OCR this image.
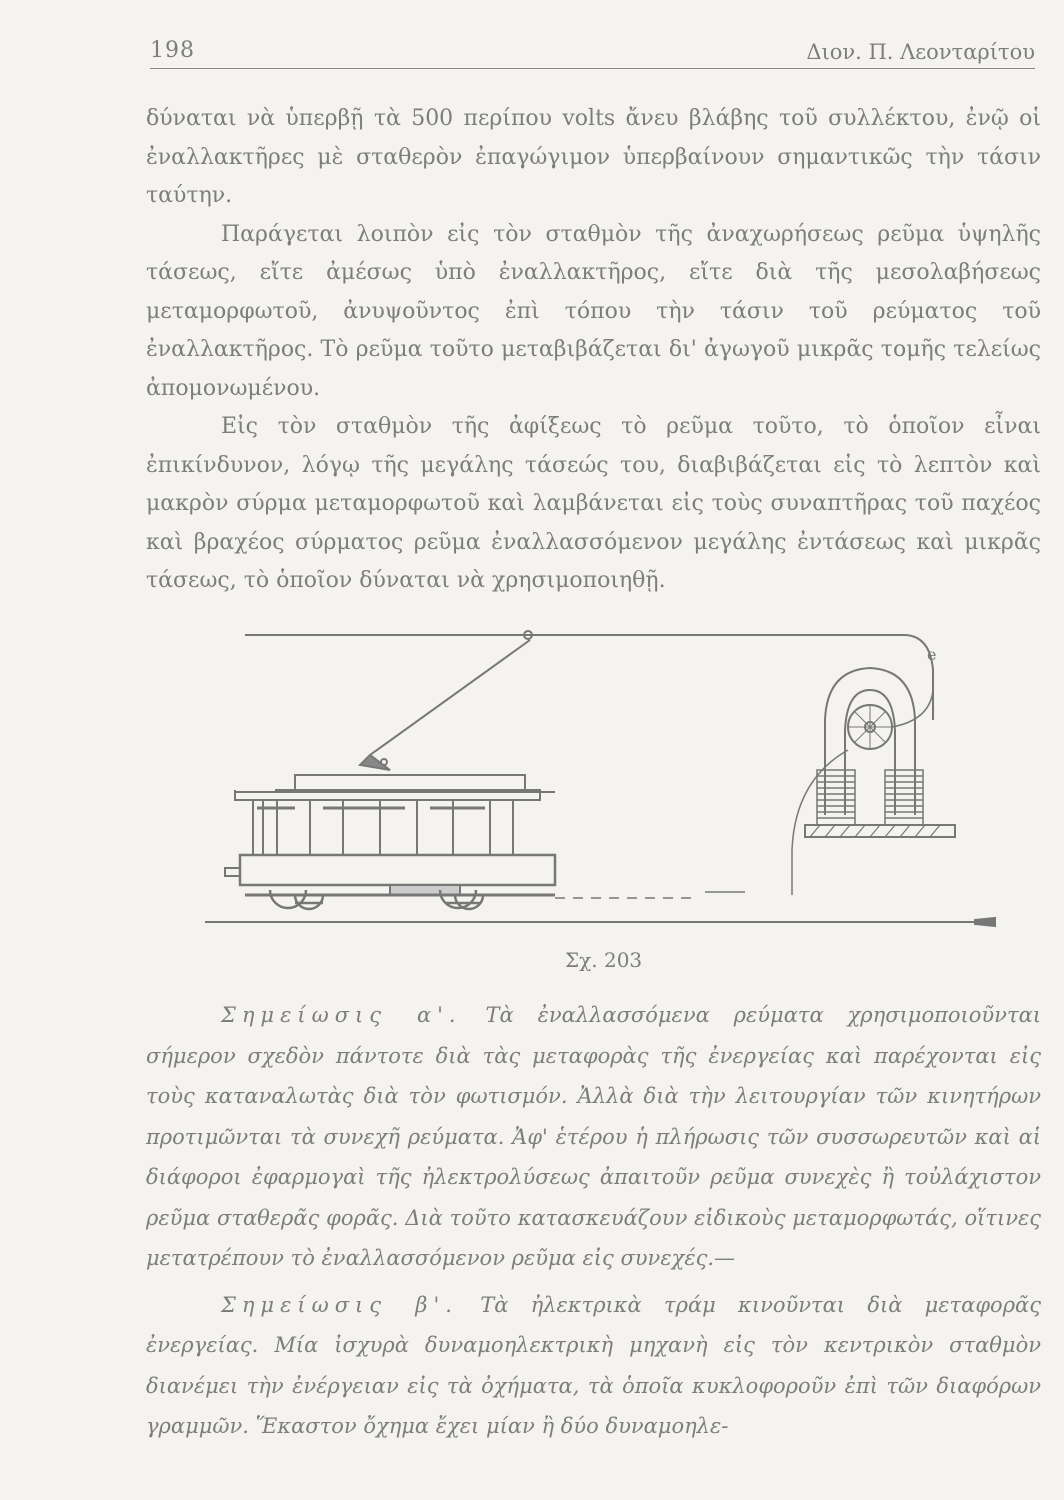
198	Διον. Π. Λεονταρίτου

δύναται νὰ ὑπερβῇ τὰ 500 περίπου volts ἄνευ βλάβης τοῦ συλλέκτου, ἐνῷ οἱ ἐναλλακτῆρες μὲ σταθερὸν ἐπαγώγιμον ὑπερβαίνουν σημαντικῶς τὴν τάσιν ταύτην.

Παράγεται λοιπὸν εἰς τὸν σταθμὸν τῆς ἀναχωρήσεως ρεῦμα ὑψηλῆς τάσεως, εἴτε ἀμέσως ὑπὸ ἐναλλακτῆρος, εἴτε διὰ τῆς μεσολαβήσεως μεταμορφωτοῦ, ἀνυψοῦντος ἐπὶ τόπου τὴν τάσιν τοῦ ρεύματος τοῦ ἐναλλακτῆρος. Τὸ ρεῦμα τοῦτο μεταβιβάζεται δι' ἀγωγοῦ μικρᾶς τομῆς τελείως ἀπομονωμένου.

Εἰς τὸν σταθμὸν τῆς ἀφίξεως τὸ ρεῦμα τοῦτο, τὸ ὁποῖον εἶναι ἐπικίνδυνον, λόγῳ τῆς μεγάλης τάσεώς του, διαβιβάζεται εἰς τὸ λεπτὸν καὶ μακρὸν σύρμα μεταμορφωτοῦ καὶ λαμβάνεται εἰς τοὺς συναπτῆρας τοῦ παχέος καὶ βραχέος σύρματος ρεῦμα ἐναλλασσόμενον μεγάλης ἐντάσεως καὶ μικρᾶς τάσεως, τὸ ὁποῖον δύναται νὰ χρησιμοποιηθῇ.

e
Σχ. 203

Σημείωσις α'. Τὰ ἐναλλασσόμενα ρεύματα χρησιμοποιοῦνται σήμερον σχεδὸν πάντοτε διὰ τὰς μεταφορὰς τῆς ἐνεργείας καὶ παρέχονται εἰς τοὺς καταναλωτὰς διὰ τὸν φωτισμόν. Ἀλλὰ διὰ τὴν λειτουργίαν τῶν κινητήρων προτιμῶνται τὰ συνεχῆ ρεύματα. Ἀφ' ἑτέρου ἡ πλήρωσις τῶν συσσωρευτῶν καὶ αἱ διάφοροι ἐφαρμογαὶ τῆς ἠλεκτρολύσεως ἀπαιτοῦν ρεῦμα συνεχὲς ἢ τοὐλάχιστον ρεῦμα σταθερᾶς φορᾶς. Διὰ τοῦτο κατασκευάζουν εἰδικοὺς μεταμορφωτάς, οἵτινες μετατρέπουν τὸ ἐναλλασσόμενον ρεῦμα εἰς συνεχές.—

Σημείωσις β'. Τὰ ἠλεκτρικὰ τράμ κινοῦνται διὰ μεταφορᾶς ἐνεργείας. Μία ἰσχυρὰ δυναμοηλεκτρικὴ μηχανὴ εἰς τὸν κεντρικὸν σταθμὸν διανέμει τὴν ἐνέργειαν εἰς τὰ ὀχήματα, τὰ ὁποῖα κυκλοφοροῦν ἐπὶ τῶν διαφόρων γραμμῶν. Ἕκαστον ὄχημα ἔχει μίαν ἢ δύο δυναμοηλε-
